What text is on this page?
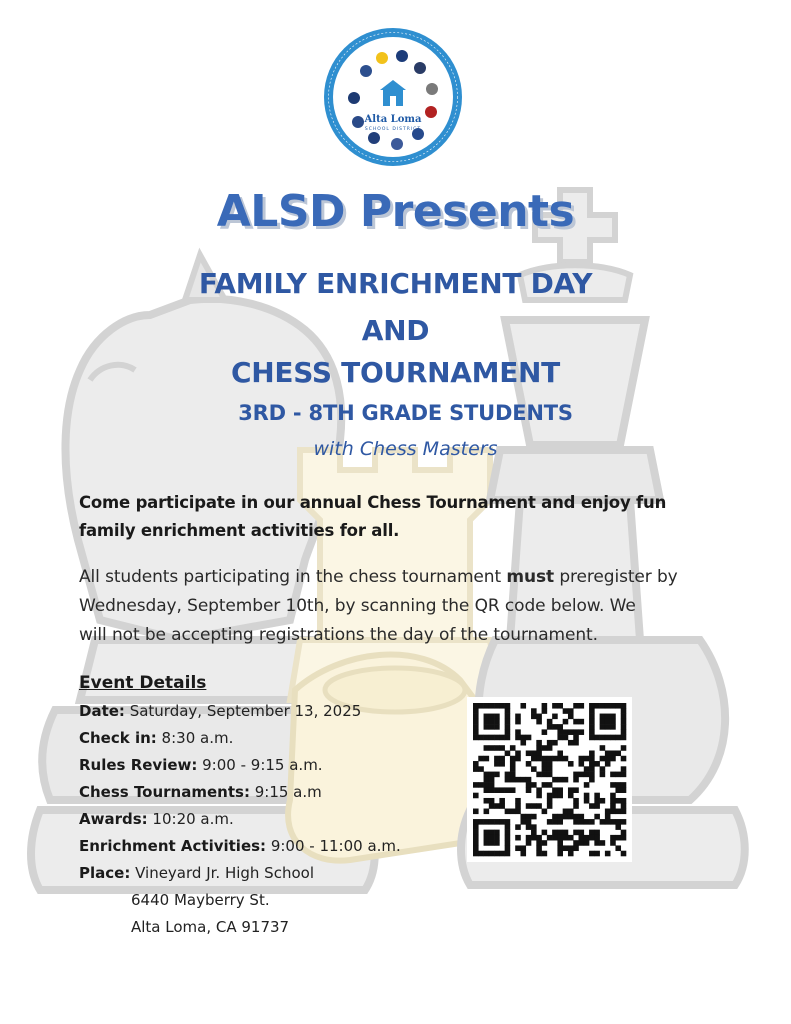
Alta Loma
SCHOOL DISTRICT
ALSD Presents
FAMILY ENRICHMENT DAY
AND
CHESS TOURNAMENT
3RD - 8TH GRADE STUDENTS
with Chess Masters
Come participate in our annual Chess Tournament and enjoy fun
family enrichment activities for all.
All students participating in the chess tournament must preregister by
Wednesday, September 10th, by scanning the QR code below. We
will not be accepting registrations the day of the tournament.
Event Details
Date: Saturday, September 13, 2025
Check in: 8:30 a.m.
Rules Review: 9:00 - 9:15 a.m.
Chess Tournaments: 9:15 a.m
Awards: 10:20 a.m.
Enrichment Activities: 9:00 - 11:00 a.m.
Place: Vineyard Jr. High School
6440 Mayberry St.
Alta Loma, CA 91737
